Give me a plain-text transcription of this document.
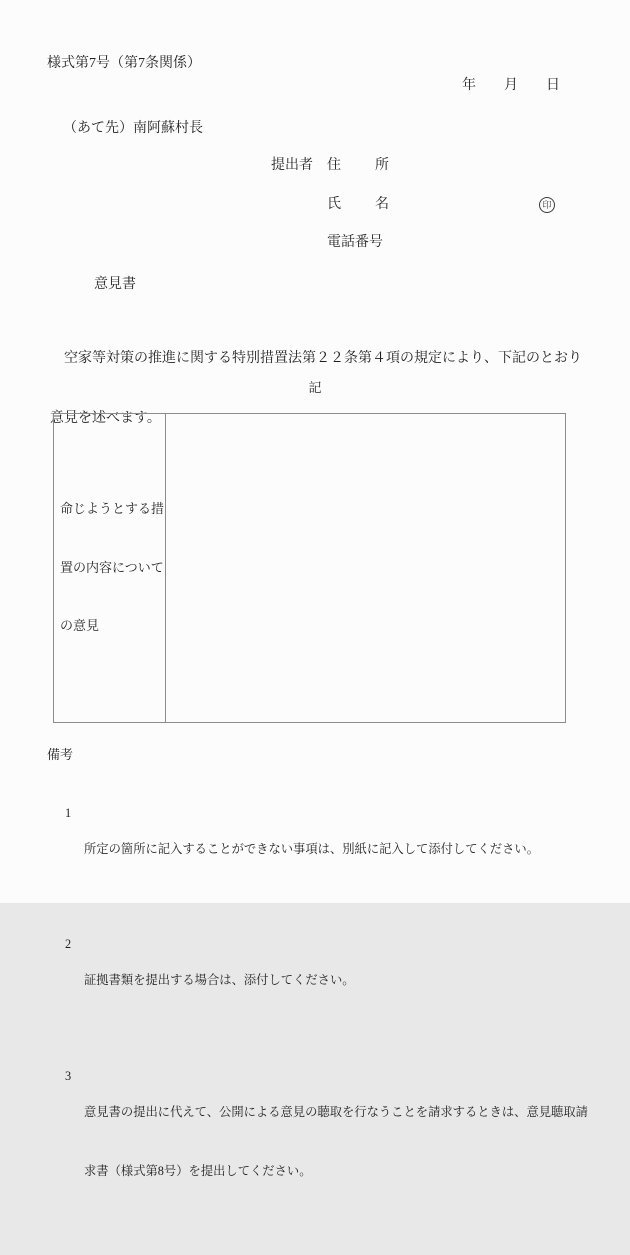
様式第7号（第7条関係）
年　　月　　日
（あて先）南阿蘇村長
提出者 住　　所
氏　　名	印
電話番号
意見書

　空家等対策の推進に関する特別措置法第２２条第４項の規定により、下記のとおり

意見を述べます。

記

命じようとする措

置の内容について

の意見

備考

1

所定の箇所に記入することができない事項は、別紙に記入して添付してください。

2

証拠書類を提出する場合は、添付してください。

3

意見書の提出に代えて、公開による意見の聴取を行なうことを請求するときは、意見聴取請

求書（様式第8号）を提出してください。
